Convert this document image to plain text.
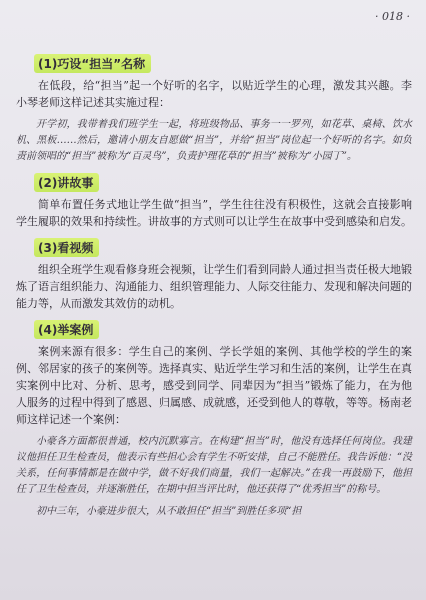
· 018 ·
(1)巧设“担当”名称

在低段，给“担当”起一个好听的名字，以贴近学生的心理，激发其兴趣。李小琴老师这样记述其实施过程：

开学初，我带着我们班学生一起，将班级物品、事务一一罗列，如花草、桌椅、饮水机、黑板……然后，邀请小朋友自愿做“担当”，并给“担当”岗位起一个好听的名字。如负责前领唱的“担当”被称为“百灵鸟”，负责护理花草的“担当”被称为“小园丁”。

(2)讲故事

简单布置任务式地让学生做“担当”，学生往往没有积极性，这就会直接影响学生履职的效果和持续性。讲故事的方式则可以让学生在故事中受到感染和启发。

(3)看视频

组织全班学生观看修身班会视频，让学生们看到同龄人通过担当责任极大地锻炼了语言组织能力、沟通能力、组织管理能力、人际交往能力、发现和解决问题的能力等，从而激发其效仿的动机。

(4)举案例

案例来源有很多：学生自己的案例、学长学姐的案例、其他学校的学生的案例、邻居家的孩子的案例等。选择真实、贴近学生学习和生活的案例，让学生在真实案例中比对、分析、思考，感受到同学、同辈因为“担当”锻炼了能力，在为他人服务的过程中得到了感恩、归属感、成就感，还受到他人的尊敬，等等。杨南老师这样记述一个案例：

小豪各方面都很普通，校内沉默寡言。在构建“担当”时，他没有选择任何岗位。我建议他担任卫生检查员，他表示有些担心会有学生不听安排，自己不能胜任。我告诉他：“没关系，任何事情都是在做中学，做不好我们商量，我们一起解决。”在我一再鼓励下，他担任了卫生检查员，并逐渐胜任，在期中担当评比时，他还获得了“优秀担当”的称号。

初中三年，小豪进步很大，从不敢担任“担当”到胜任多项“担
